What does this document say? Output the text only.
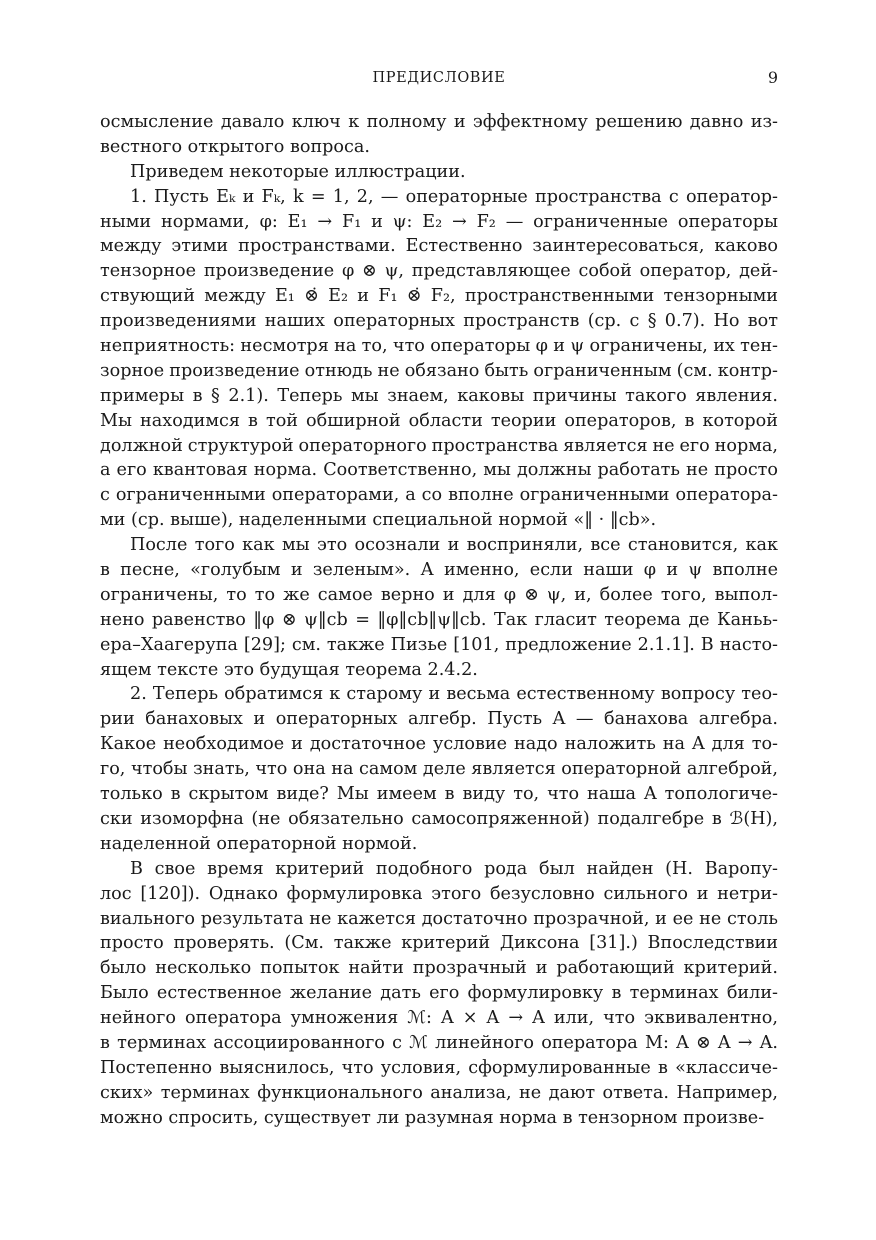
ПРЕДИСЛОВИЕ	9
осмысление давало ключ к полному и эффектному решению давно из-
вестного открытого вопроса.
Приведем некоторые иллюстрации.
1. Пусть Eₖ и Fₖ, k = 1, 2, — операторные пространства с оператор-
ными нормами, φ: E₁ → F₁ и ψ: E₂ → F₂ — ограниченные операторы
между этими пространствами. Естественно заинтересоваться, каково
тензорное произведение φ ⊗ ψ, представляющее собой оператор, дей-
ствующий между E₁ ⊗̇ E₂ и F₁ ⊗̇ F₂, пространственными тензорными
произведениями наших операторных пространств (ср. с § 0.7). Но вот
неприятность: несмотря на то, что операторы φ и ψ ограничены, их тен-
зорное произведение отнюдь не обязано быть ограниченным (см. контр-
примеры в § 2.1). Теперь мы знаем, каковы причины такого явления.
Мы находимся в той обширной области теории операторов, в которой
должной структурой операторного пространства является не его норма,
а его квантовая норма. Соответственно, мы должны работать не просто
с ограниченными операторами, а со вполне ограниченными оператора-
ми (ср. выше), наделенными специальной нормой «‖ · ‖cb».
После того как мы это осознали и восприняли, все становится, как
в песне, «голубым и зеленым». А именно, если наши φ и ψ вполне
ограничены, то то же самое верно и для φ ⊗ ψ, и, более того, выпол-
нено равенство ‖φ ⊗ ψ‖cb = ‖φ‖cb‖ψ‖cb. Так гласит теорема де Каньь-
ера–Хаагерупа [29]; см. также Пизье [101, предложение 2.1.1]. В насто-
ящем тексте это будущая теорема 2.4.2.
2. Теперь обратимся к старому и весьма естественному вопросу тео-
рии банаховых и операторных алгебр. Пусть A — банахова алгебра.
Какое необходимое и достаточное условие надо наложить на A для то-
го, чтобы знать, что она на самом деле является операторной алгеброй,
только в скрытом виде? Мы имеем в виду то, что наша A топологиче-
ски изоморфна (не обязательно самосопряженной) подалгебре в ℬ(H),
наделенной операторной нормой.
В свое время критерий подобного рода был найден (Н. Варопу-
лос [120]). Однако формулировка этого безусловно сильного и нетри-
виального результата не кажется достаточно прозрачной, и ее не столь
просто проверять. (См. также критерий Диксона [31].) Впоследствии
было несколько попыток найти прозрачный и работающий критерий.
Было естественное желание дать его формулировку в терминах били-
нейного оператора умножения ℳ: A × A → A или, что эквивалентно,
в терминах ассоциированного с ℳ линейного оператора M: A ⊗ A → A.
Постепенно выяснилось, что условия, сформулированные в «классиче-
ских» терминах функционального анализа, не дают ответа. Например,
можно спросить, существует ли разумная норма в тензорном произве-
